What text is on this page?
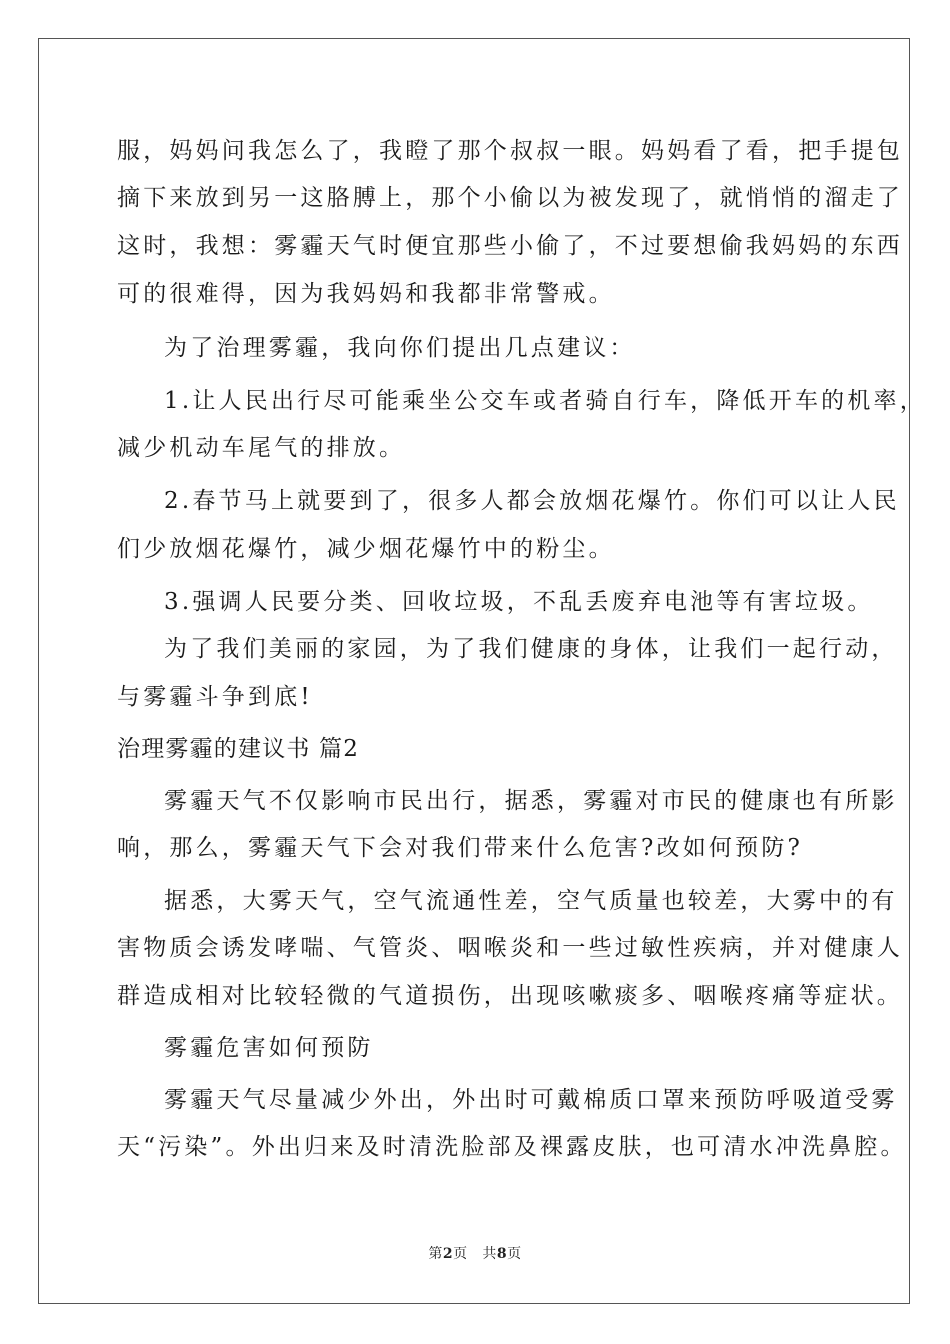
服，妈妈问我怎么了，我瞪了那个叔叔一眼。妈妈看了看，把手提包
摘下来放到另一这胳膊上，那个小偷以为被发现了，就悄悄的溜走了
这时，我想：雾霾天气时便宜那些小偷了，不过要想偷我妈妈的东西
可的很难得，因为我妈妈和我都非常警戒。
为了治理雾霾，我向你们提出几点建议：
1.让人民出行尽可能乘坐公交车或者骑自行车，降低开车的机率，
减少机动车尾气的排放。
2.春节马上就要到了，很多人都会放烟花爆竹。你们可以让人民
们少放烟花爆竹，减少烟花爆竹中的粉尘。
3.强调人民要分类、回收垃圾，不乱丢废弃电池等有害垃圾。
为了我们美丽的家园，为了我们健康的身体，让我们一起行动，
与雾霾斗争到底!
治理雾霾的建议书 篇2
雾霾天气不仅影响市民出行，据悉，雾霾对市民的健康也有所影
响，那么，雾霾天气下会对我们带来什么危害?改如何预防?
据悉，大雾天气，空气流通性差，空气质量也较差，大雾中的有
害物质会诱发哮喘、气管炎、咽喉炎和一些过敏性疾病，并对健康人
群造成相对比较轻微的气道损伤，出现咳嗽痰多、咽喉疼痛等症状。
雾霾危害如何预防
雾霾天气尽量减少外出，外出时可戴棉质口罩来预防呼吸道受雾
天“污染”。外出归来及时清洗脸部及裸露皮肤，也可清水冲洗鼻腔。
第2页 共8页
